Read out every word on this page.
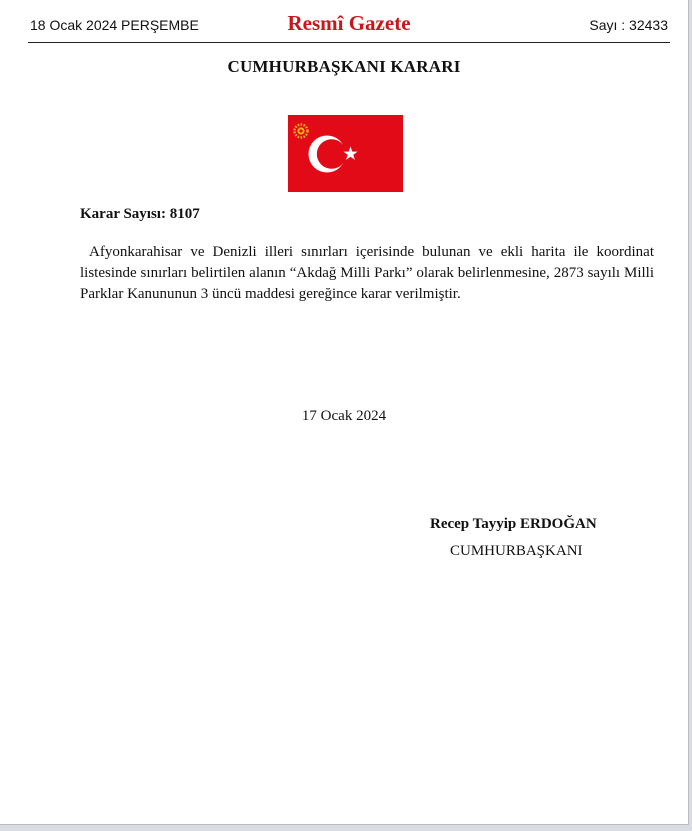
18 Ocak 2024 PERŞEMBE	Resmî Gazete	Sayı : 32433
CUMHURBAŞKANI KARARI
Karar Sayısı: 8107

Afyonkarahisar ve Denizli illeri sınırları içerisinde bulunan ve ekli harita ile koordinat
listesinde sınırları belirtilen alanın “Akdağ Milli Parkı” olarak belirlenmesine, 2873 sayılı Milli
Parklar Kanununun 3 üncü maddesi gereğince karar verilmiştir.

17 Ocak 2024
Recep Tayyip ERDOĞAN
CUMHURBAŞKANI
